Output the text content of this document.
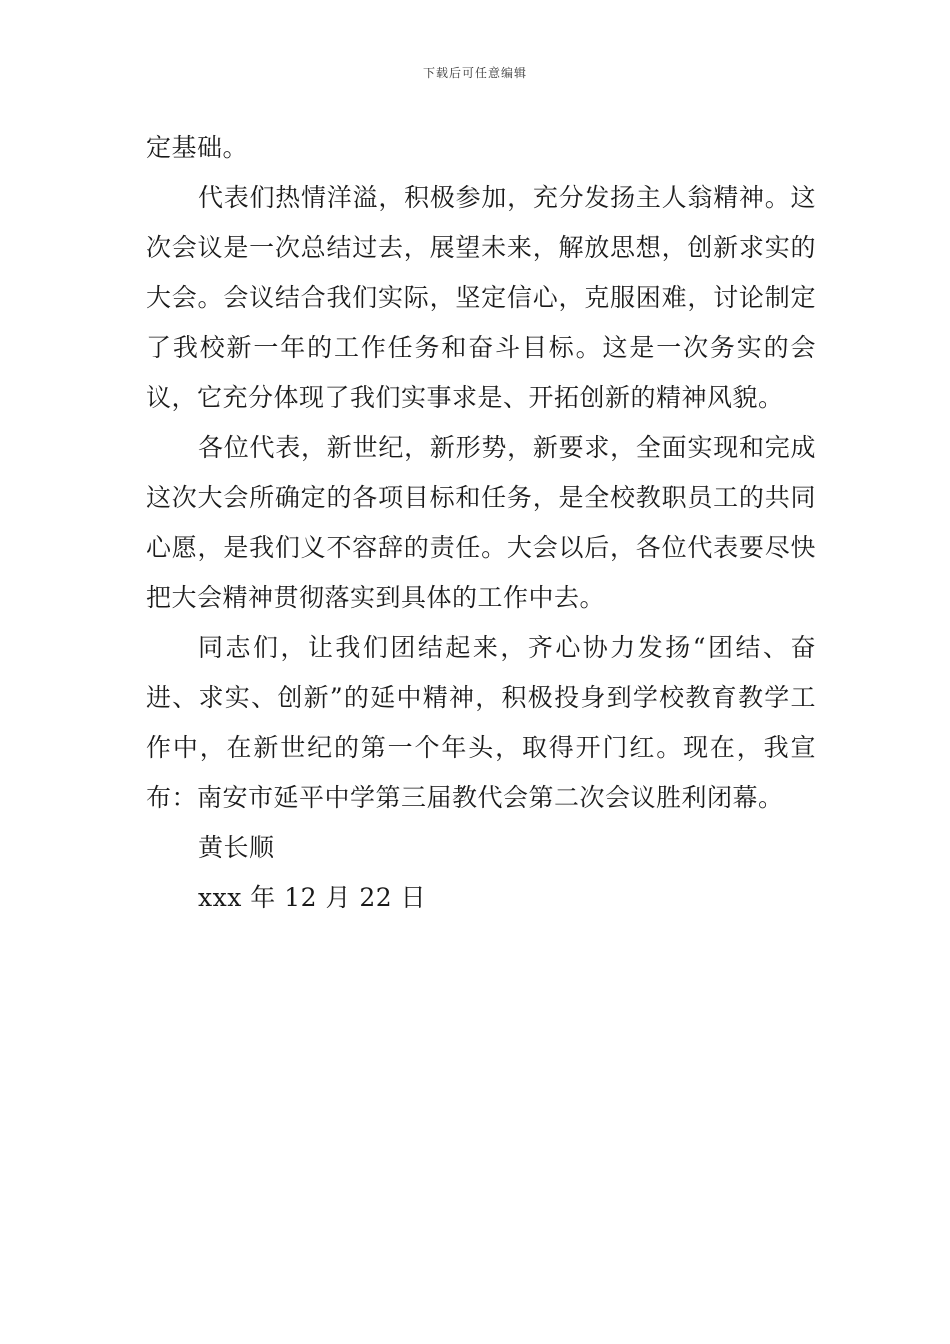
下载后可任意编辑

定基础。

代表们热情洋溢，积极参加，充分发扬主人翁精神。这次会议是一次总结过去，展望未来，解放思想，创新求实的大会。会议结合我们实际，坚定信心，克服困难，讨论制定了我校新一年的工作任务和奋斗目标。这是一次务实的会议，它充分体现了我们实事求是、开拓创新的精神风貌。

各位代表，新世纪，新形势，新要求，全面实现和完成这次大会所确定的各项目标和任务，是全校教职员工的共同心愿，是我们义不容辞的责任。大会以后，各位代表要尽快把大会精神贯彻落实到具体的工作中去。

同志们，让我们团结起来，齐心协力发扬“团结、奋进、求实、创新”的延中精神，积极投身到学校教育教学工作中，在新世纪的第一个年头，取得开门红。现在，我宣布：南安市延平中学第三届教代会第二次会议胜利闭幕。

黄长顺

xxx 年 12 月 22 日
